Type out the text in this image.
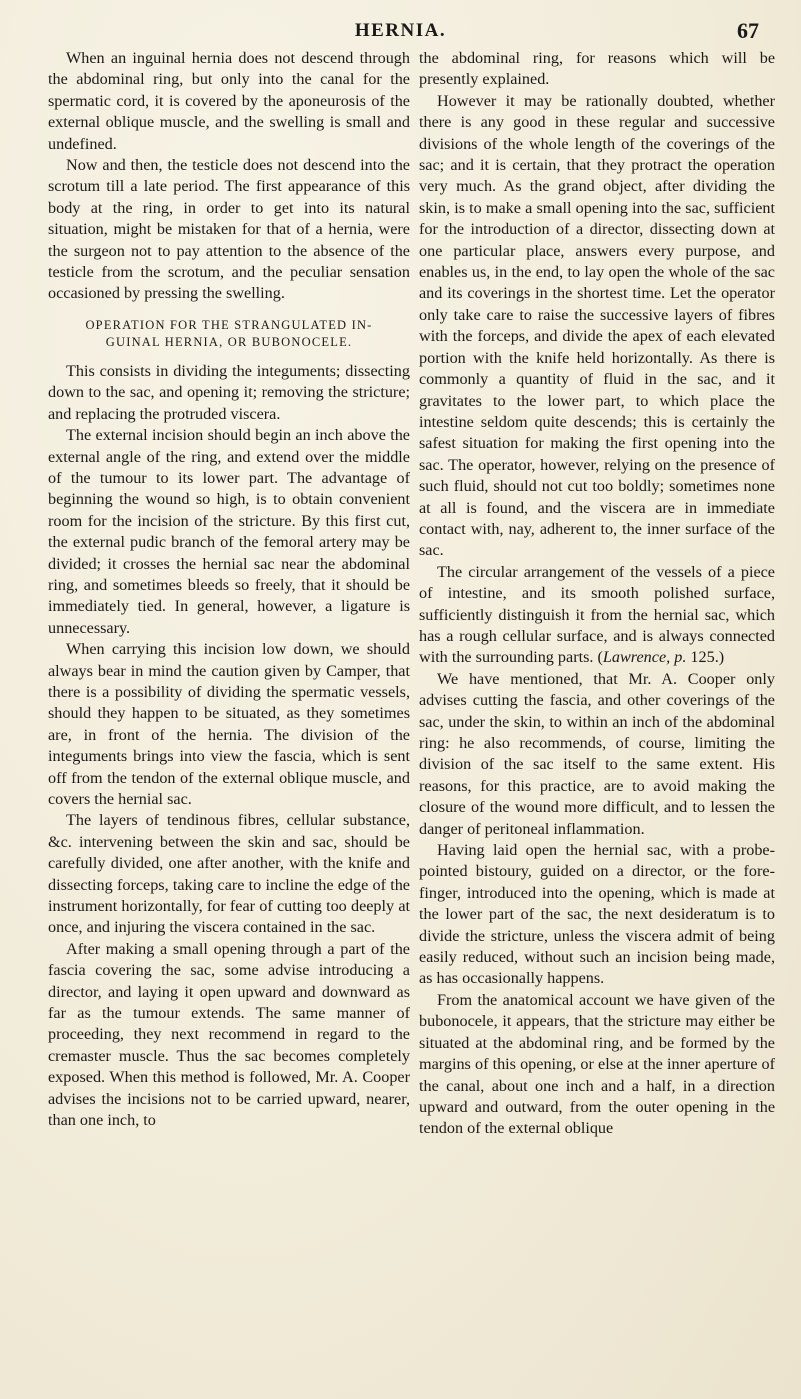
HERNIA.	67

When an inguinal hernia does not descend through the abdominal ring, but only into the canal for the spermatic cord, it is covered by the aponeurosis of the external oblique muscle, and the swelling is small and undefined.

Now and then, the testicle does not descend into the scrotum till a late period. The first appearance of this body at the ring, in order to get into its natural situation, might be mistaken for that of a hernia, were the surgeon not to pay attention to the absence of the testicle from the scrotum, and the peculiar sensation occasioned by pressing the swelling.

OPERATION FOR THE STRANGULATED IN-
GUINAL HERNIA, OR BUBONOCELE.

This consists in dividing the integuments; dissecting down to the sac, and opening it; removing the stricture; and replacing the protruded viscera.

The external incision should begin an inch above the external angle of the ring, and extend over the middle of the tumour to its lower part. The advantage of beginning the wound so high, is to obtain convenient room for the incision of the stricture. By this first cut, the external pudic branch of the femoral artery may be divided; it crosses the hernial sac near the abdominal ring, and sometimes bleeds so freely, that it should be immediately tied. In general, however, a ligature is unnecessary.

When carrying this incision low down, we should always bear in mind the caution given by Camper, that there is a possibility of dividing the spermatic vessels, should they happen to be situated, as they sometimes are, in front of the hernia. The division of the integuments brings into view the fascia, which is sent off from the tendon of the external oblique muscle, and covers the hernial sac.

The layers of tendinous fibres, cellular substance, &c. intervening between the skin and sac, should be carefully divided, one after another, with the knife and dissecting forceps, taking care to incline the edge of the instrument horizontally, for fear of cutting too deeply at once, and injuring the viscera contained in the sac.

After making a small opening through a part of the fascia covering the sac, some advise introducing a director, and laying it open upward and downward as far as the tumour extends. The same manner of proceeding, they next recommend in regard to the cremaster muscle. Thus the sac becomes completely exposed. When this method is followed, Mr. A. Cooper advises the incisions not to be carried upward, nearer, than one inch, to

the abdominal ring, for reasons which will be presently explained.

However it may be rationally doubted, whether there is any good in these regular and successive divisions of the whole length of the coverings of the sac; and it is certain, that they protract the operation very much. As the grand object, after dividing the skin, is to make a small opening into the sac, sufficient for the introduction of a director, dissecting down at one particular place, answers every purpose, and enables us, in the end, to lay open the whole of the sac and its coverings in the shortest time. Let the operator only take care to raise the successive layers of fibres with the forceps, and divide the apex of each elevated portion with the knife held horizontally. As there is commonly a quantity of fluid in the sac, and it gravitates to the lower part, to which place the intestine seldom quite descends; this is certainly the safest situation for making the first opening into the sac. The operator, however, relying on the presence of such fluid, should not cut too boldly; sometimes none at all is found, and the viscera are in immediate contact with, nay, adherent to, the inner surface of the sac.

The circular arrangement of the vessels of a piece of intestine, and its smooth polished surface, sufficiently distinguish it from the hernial sac, which has a rough cellular surface, and is always connected with the surrounding parts. (Lawrence, p. 125.)

We have mentioned, that Mr. A. Cooper only advises cutting the fascia, and other coverings of the sac, under the skin, to within an inch of the abdominal ring: he also recommends, of course, limiting the division of the sac itself to the same extent. His reasons, for this practice, are to avoid making the closure of the wound more difficult, and to lessen the danger of peritoneal inflammation.

Having laid open the hernial sac, with a probe-pointed bistoury, guided on a director, or the fore-finger, introduced into the opening, which is made at the lower part of the sac, the next desideratum is to divide the stricture, unless the viscera admit of being easily reduced, without such an incision being made, as has occasionally happens.

From the anatomical account we have given of the bubonocele, it appears, that the stricture may either be situated at the abdominal ring, and be formed by the margins of this opening, or else at the inner aperture of the canal, about one inch and a half, in a direction upward and outward, from the outer opening in the tendon of the external oblique
